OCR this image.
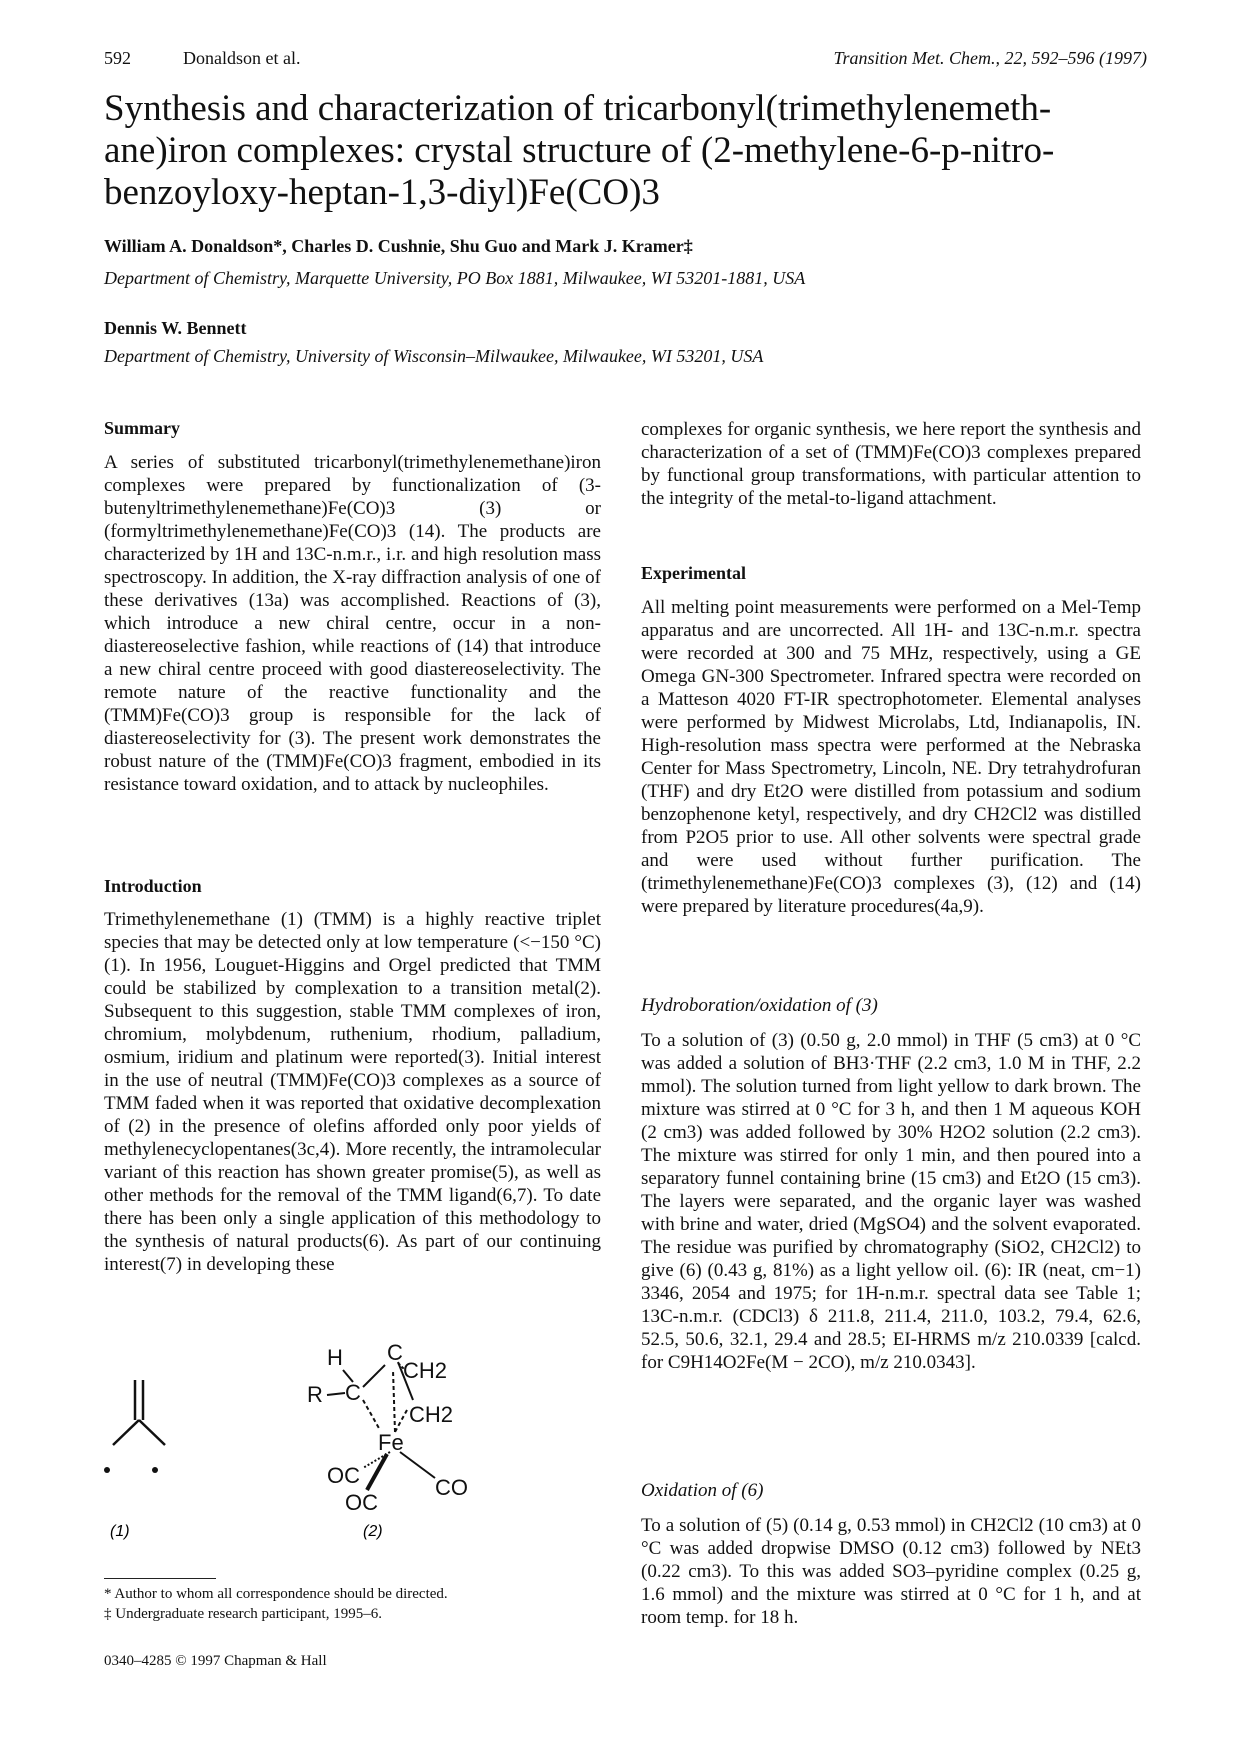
592	Donaldson et al.	Transition Met. Chem., 22, 592–596 (1997)

Synthesis and characterization of tricarbonyl(trimethylenemeth-

ane)iron complexes: crystal structure of (2-methylene-6-p-nitro-

benzoyloxy-heptan-1,3-diyl)Fe(CO)3

William A. Donaldson*, Charles D. Cushnie, Shu Guo and Mark J. Kramer‡
Department of Chemistry, Marquette University, PO Box 1881, Milwaukee, WI 53201-1881, USA
Dennis W. Bennett
Department of Chemistry, University of Wisconsin–Milwaukee, Milwaukee, WI 53201, USA
Summary
A series of substituted tricarbonyl(trimethylenemethane)iron complexes were prepared by functionalization of (3-butenyltrimethylenemethane)Fe(CO)3 (3) or (formyltrimethylenemethane)Fe(CO)3 (14). The products are characterized by 1H and 13C-n.m.r., i.r. and high resolution mass spectroscopy. In addition, the X-ray diffraction analysis of one of these derivatives (13a) was accomplished. Reactions of (3), which introduce a new chiral centre, occur in a non-diastereoselective fashion, while reactions of (14) that introduce a new chiral centre proceed with good diastereoselectivity. The remote nature of the reactive functionality and the (TMM)Fe(CO)3 group is responsible for the lack of diastereoselectivity for (3). The present work demonstrates the robust nature of the (TMM)Fe(CO)3 fragment, embodied in its resistance toward oxidation, and to attack by nucleophiles.
Introduction
Trimethylenemethane (1) (TMM) is a highly reactive triplet species that may be detected only at low temperature (<−150 °C)(1). In 1956, Louguet-Higgins and Orgel predicted that TMM could be stabilized by complexation to a transition metal(2). Subsequent to this suggestion, stable TMM complexes of iron, chromium, molybdenum, ruthenium, rhodium, palladium, osmium, iridium and platinum were reported(3). Initial interest in the use of neutral (TMM)Fe(CO)3 complexes as a source of TMM faded when it was reported that oxidative decomplexation of (2) in the presence of olefins afforded only poor yields of methylenecyclopentanes(3c,4). More recently, the intramolecular variant of this reaction has shown greater promise(5), as well as other methods for the removal of the TMM ligand(6,7). To date there has been only a single application of this methodology to the synthesis of natural products(6). As part of our continuing interest(7) in developing these
H C
CH2
R C
CH2
Fe
OC
OC
CO
(1)	(2)
* Author to whom all correspondence should be directed.
‡ Undergraduate research participant, 1995–6.
0340–4285 © 1997 Chapman & Hall
complexes for organic synthesis, we here report the synthesis and characterization of a set of (TMM)Fe(CO)3 complexes prepared by functional group transformations, with particular attention to the integrity of the metal-to-ligand attachment.
Experimental
All melting point measurements were performed on a Mel-Temp apparatus and are uncorrected. All 1H- and 13C-n.m.r. spectra were recorded at 300 and 75 MHz, respectively, using a GE Omega GN-300 Spectrometer. Infrared spectra were recorded on a Matteson 4020 FT-IR spectrophotometer. Elemental analyses were performed by Midwest Microlabs, Ltd, Indianapolis, IN. High-resolution mass spectra were performed at the Nebraska Center for Mass Spectrometry, Lincoln, NE. Dry tetrahydrofuran (THF) and dry Et2O were distilled from potassium and sodium benzophenone ketyl, respectively, and dry CH2Cl2 was distilled from P2O5 prior to use. All other solvents were spectral grade and were used without further purification. The (trimethylenemethane)Fe(CO)3 complexes (3), (12) and (14) were prepared by literature procedures(4a,9).
Hydroboration/oxidation of (3)
To a solution of (3) (0.50 g, 2.0 mmol) in THF (5 cm3) at 0 °C was added a solution of BH3·THF (2.2 cm3, 1.0 M in THF, 2.2 mmol). The solution turned from light yellow to dark brown. The mixture was stirred at 0 °C for 3 h, and then 1 M aqueous KOH (2 cm3) was added followed by 30% H2O2 solution (2.2 cm3). The mixture was stirred for only 1 min, and then poured into a separatory funnel containing brine (15 cm3) and Et2O (15 cm3). The layers were separated, and the organic layer was washed with brine and water, dried (MgSO4) and the solvent evaporated. The residue was purified by chromatography (SiO2, CH2Cl2) to give (6) (0.43 g, 81%) as a light yellow oil. (6): IR (neat, cm−1) 3346, 2054 and 1975; for 1H-n.m.r. spectral data see Table 1; 13C-n.m.r. (CDCl3) δ 211.8, 211.4, 211.0, 103.2, 79.4, 62.6, 52.5, 50.6, 32.1, 29.4 and 28.5; EI-HRMS m/z 210.0339 [calcd. for C9H14O2Fe(M − 2CO), m/z 210.0343].
Oxidation of (6)
To a solution of (5) (0.14 g, 0.53 mmol) in CH2Cl2 (10 cm3) at 0 °C was added dropwise DMSO (0.12 cm3) followed by NEt3 (0.22 cm3). To this was added SO3–pyridine complex (0.25 g, 1.6 mmol) and the mixture was stirred at 0 °C for 1 h, and at room temp. for 18 h.
